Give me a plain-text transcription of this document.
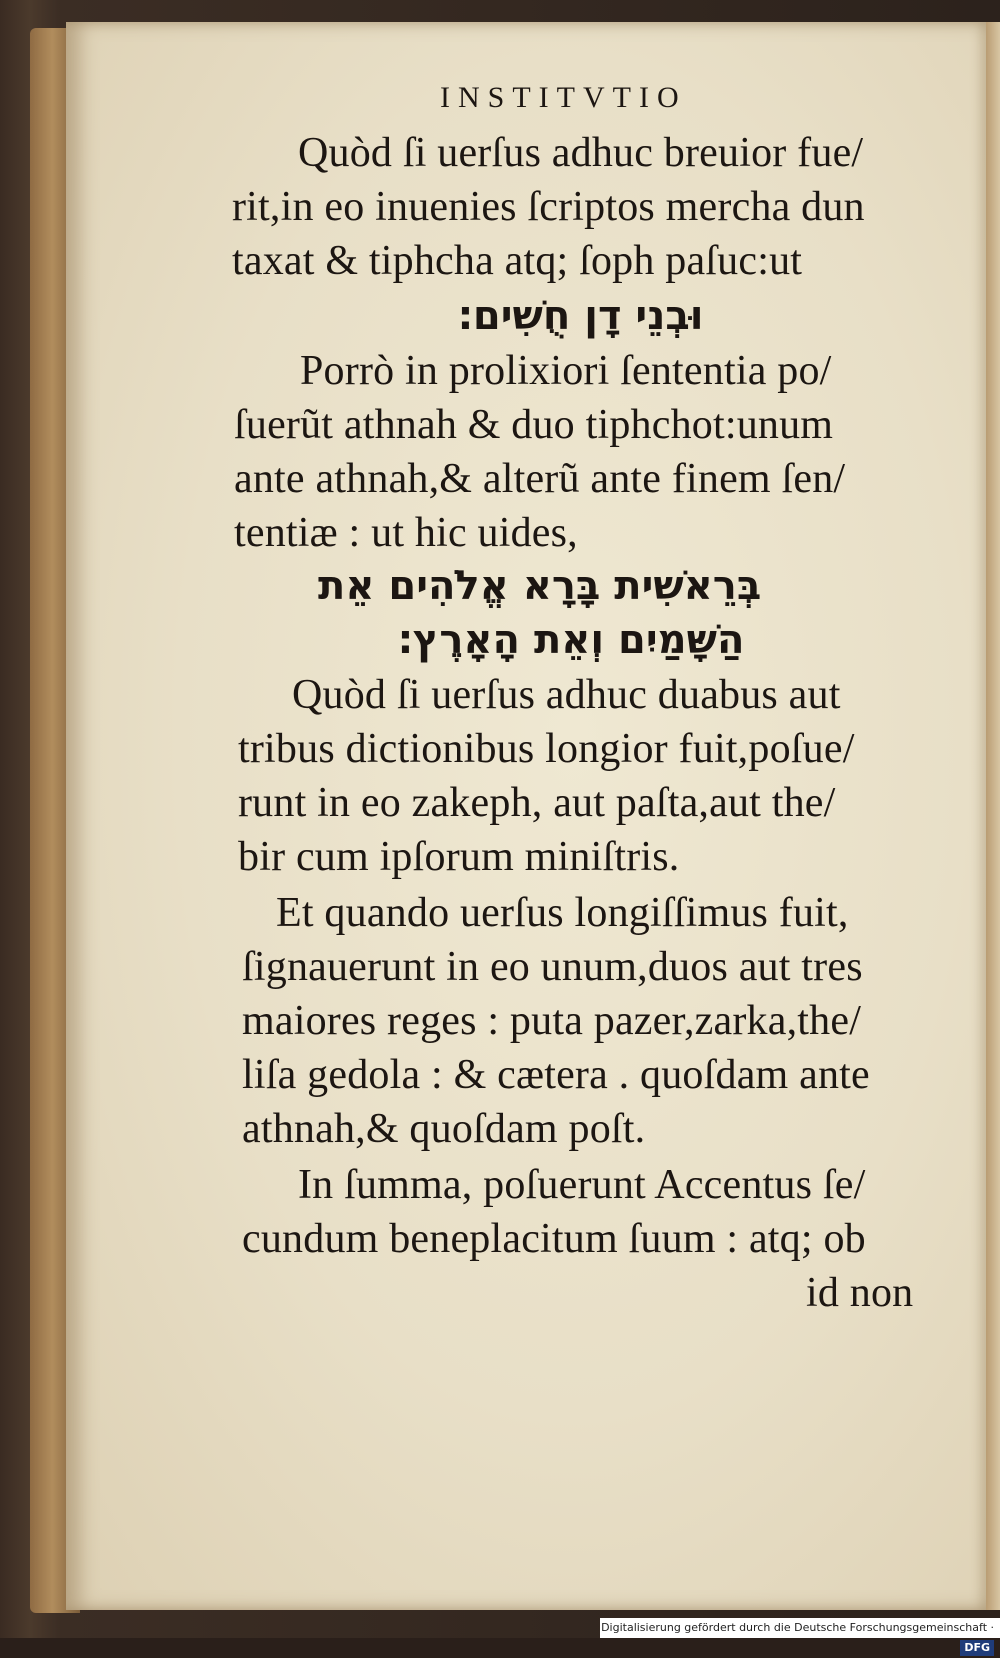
INSTITVTIO
Quòd ſi uerſus adhuc breuior fue/
rit,in eo inuenies ſcriptos mercha dun
taxat & tiphcha atq; ſoph paſuc:ut
וּבְנֵי דָן חֻשִׁים׃
Porrò in prolixiori ſententia po/
ſuerũt athnah & duo tiphchot:unum
ante athnah,& alterũ ante finem ſen/
tentiæ : ut hic uides,
בְּרֵאשִׁית בָּרָא אֱלֹהִים אֵת
הַשָּׁמַיִם וְאֵת הָאָרֶץ׃
Quòd ſi uerſus adhuc duabus aut
tribus dictionibus longior fuit,poſue/
runt in eo zakeph, aut paſta,aut the/
bir cum ipſorum miniſtris.
Et quando uerſus longiſſimus fuit,
ſignauerunt in eo unum,duos aut tres
maiores reges : puta pazer,zarka,the/
liſa gedola : & cætera . quoſdam ante
athnah,& quoſdam poſt.
In ſumma, poſuerunt Accentus ſe/
cundum beneplacitum ſuum : atq; ob
id non
Digitalisierung gefördert durch die Deutsche Forschungsgemeinschaft ·DFG
